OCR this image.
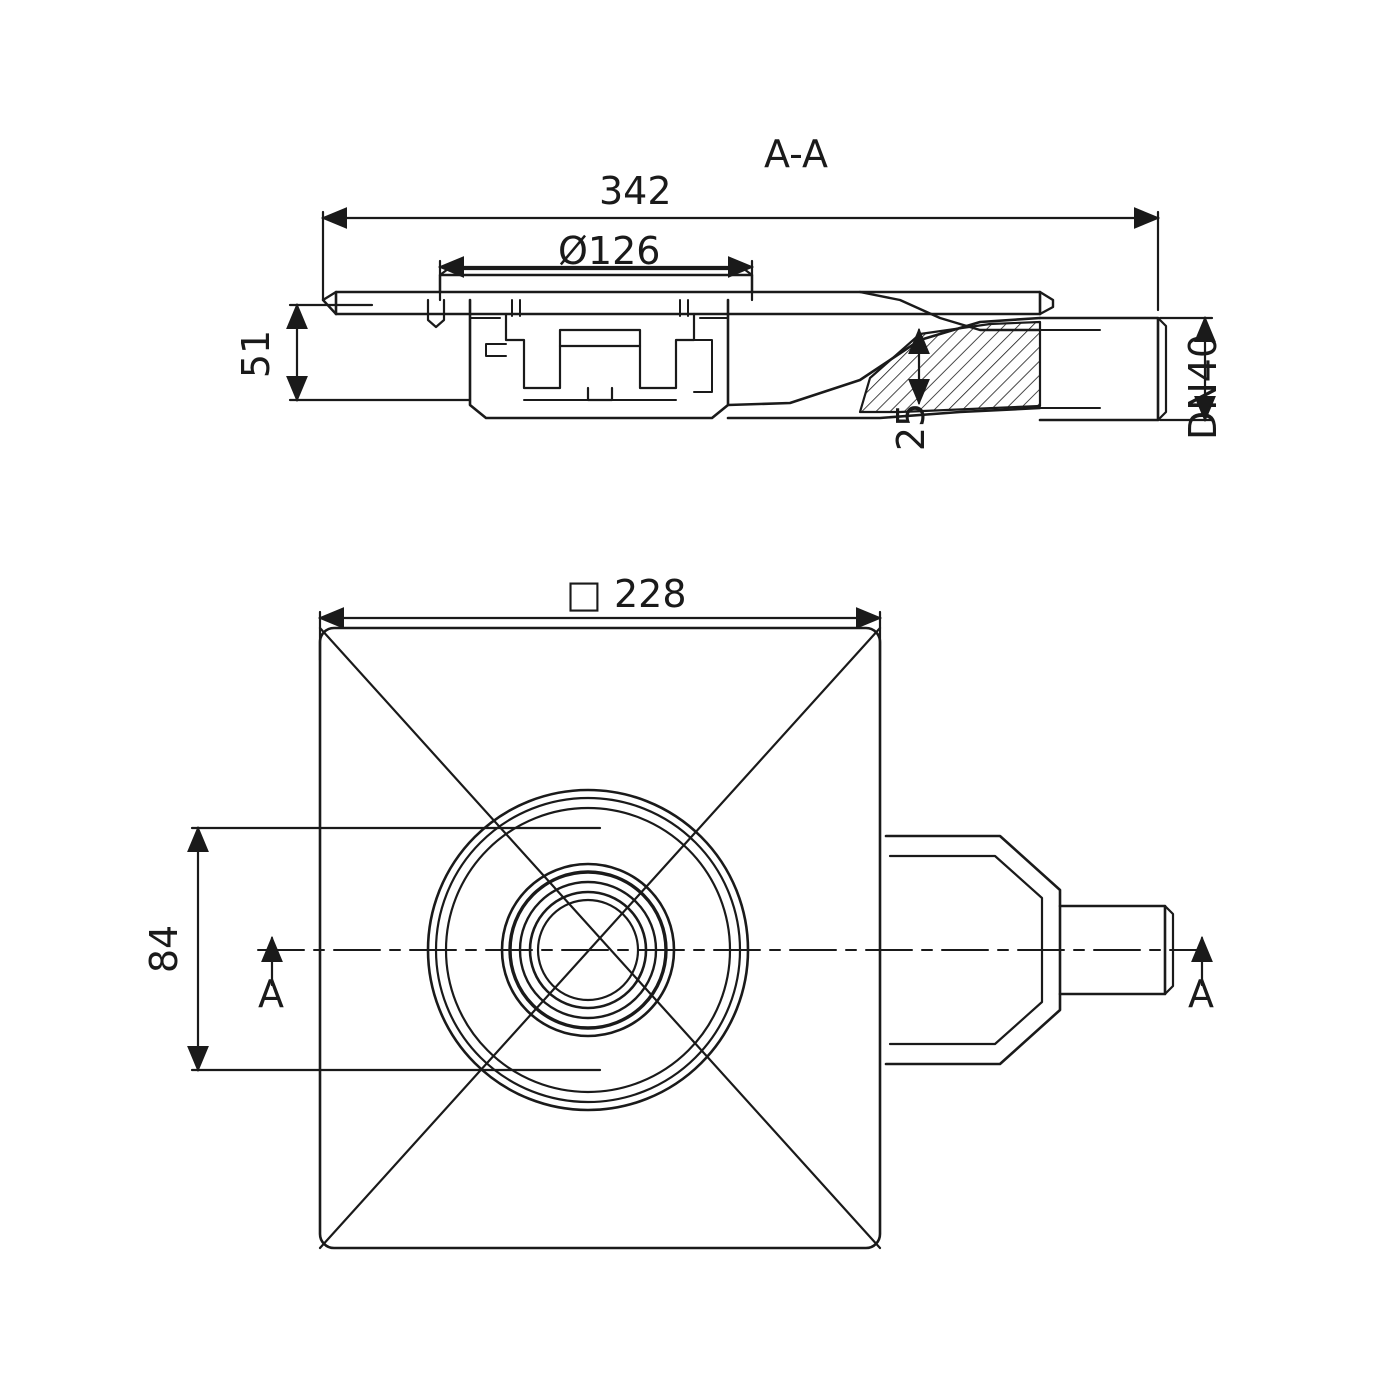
A-A
342
Ø126
51
25	DN40
□ 228
84
A	A
